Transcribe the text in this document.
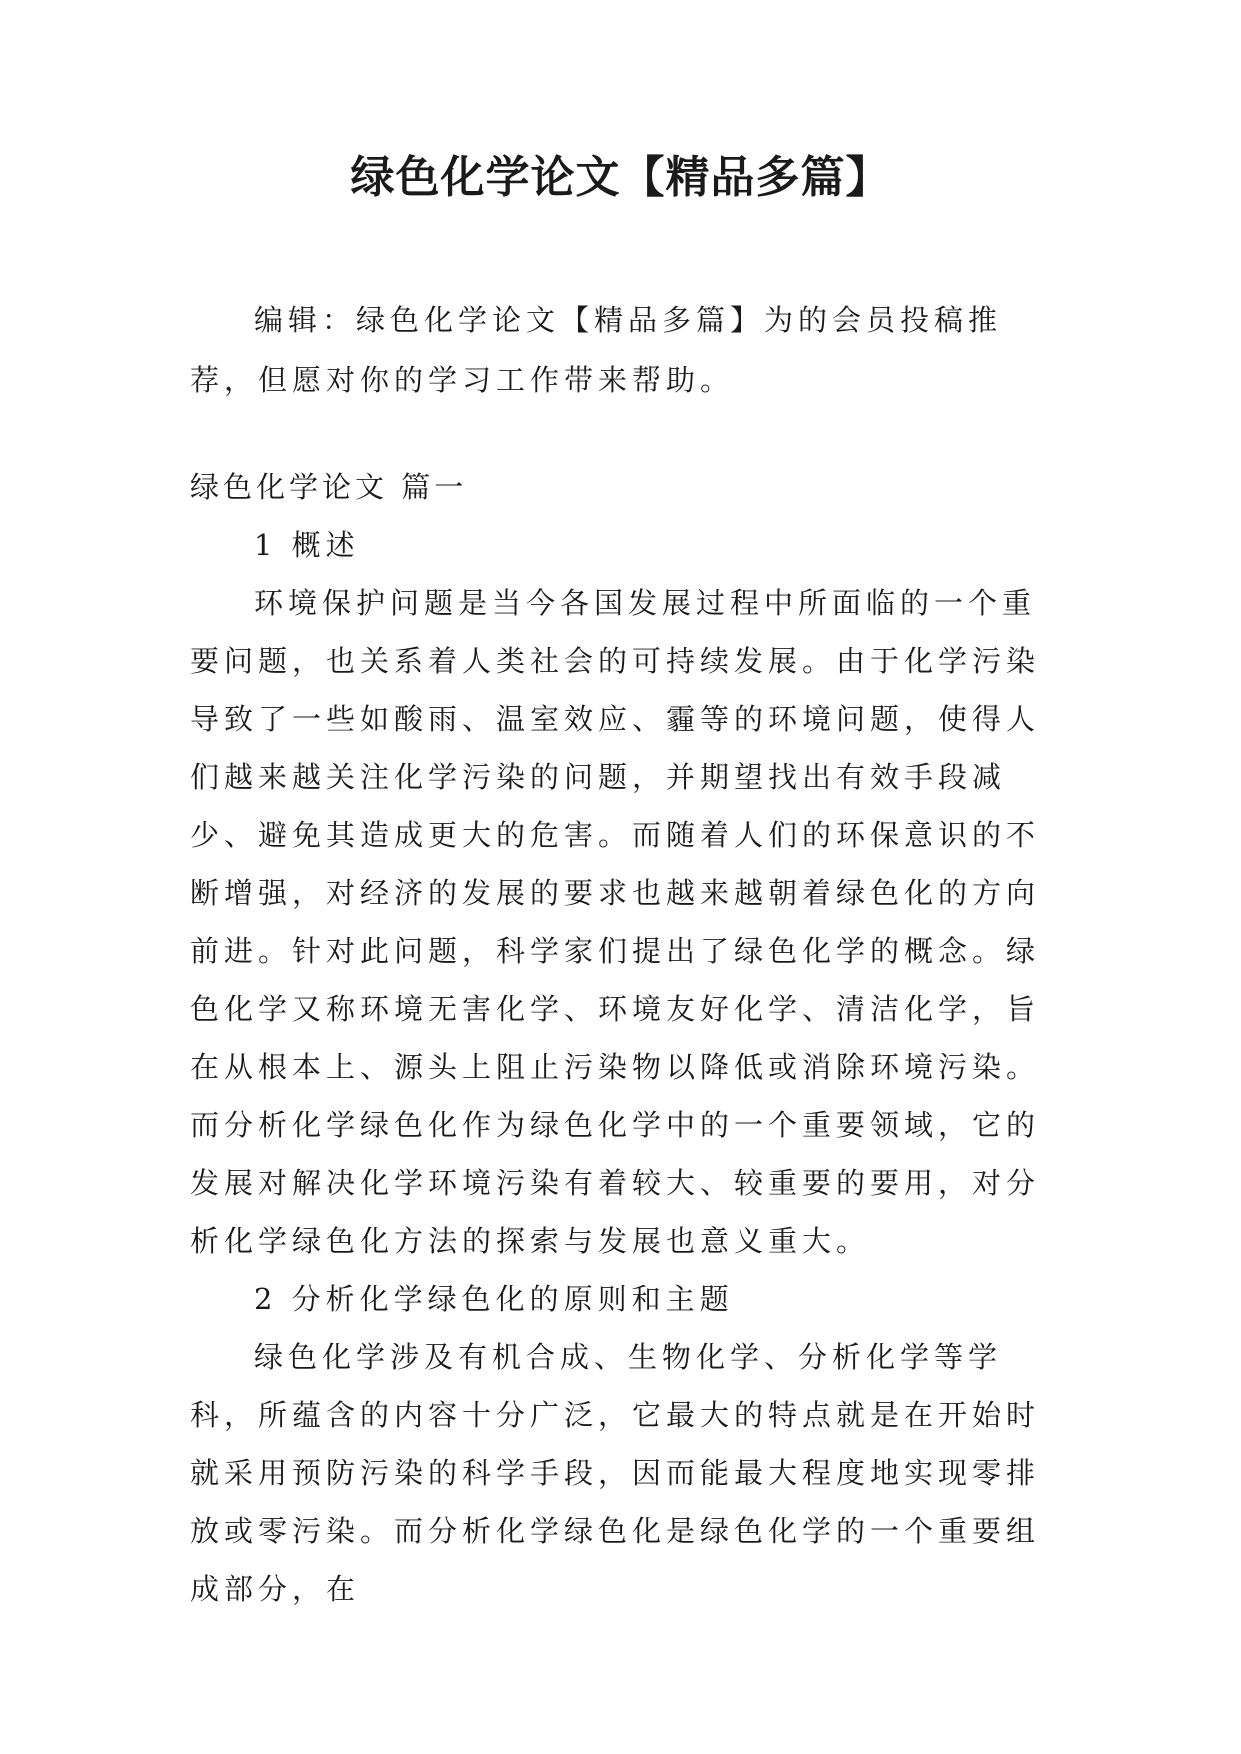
绿色化学论文【精品多篇】

编辑：绿色化学论文【精品多篇】为的会员投稿推荐，但愿对你的学习工作带来帮助。

绿色化学论文 篇一

1 概述

环境保护问题是当今各国发展过程中所面临的一个重要问题，也关系着人类社会的可持续发展。由于化学污染导致了一些如酸雨、温室效应、霾等的环境问题，使得人们越来越关注化学污染的问题，并期望找出有效手段减少、避免其造成更大的危害。而随着人们的环保意识的不断增强，对经济的发展的要求也越来越朝着绿色化的方向前进。针对此问题，科学家们提出了绿色化学的概念。绿色化学又称环境无害化学、环境友好化学、清洁化学，旨在从根本上、源头上阻止污染物以降低或消除环境污染。而分析化学绿色化作为绿色化学中的一个重要领域，它的发展对解决化学环境污染有着较大、较重要的要用，对分析化学绿色化方法的探索与发展也意义重大。

2 分析化学绿色化的原则和主题

绿色化学涉及有机合成、生物化学、分析化学等学科，所蕴含的内容十分广泛，它最大的特点就是在开始时就采用预防污染的科学手段，因而能最大程度地实现零排放或零污染。而分析化学绿色化是绿色化学的一个重要组成部分，在
